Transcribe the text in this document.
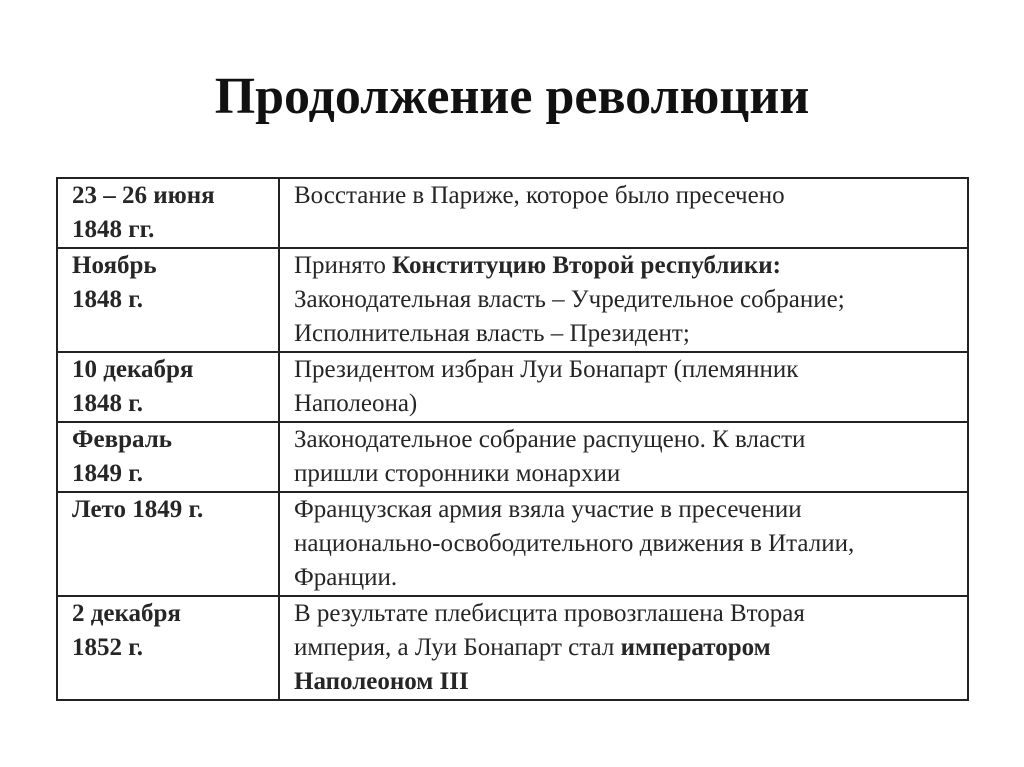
Продолжение революции
23 – 26 июня
1848 гг.	Восстание в Париже, которое было пресечено

Ноябрь
1848 г.	Принято Конституцию Второй республики:
Законодательная власть – Учредительное собрание;
Исполнительная власть – Президент;

10 декабря
1848 г.	Президентом избран Луи Бонапарт (племянник
Наполеона)

Февраль
1849 г.	Законодательное собрание распущено. К власти
пришли сторонники монархии

Лето 1849 г.	Французская армия взяла участие в пресечении
национально-освободительного движения в Италии,
Франции.

2 декабря
1852 г.	В результате плебисцита провозглашена Вторая
империя, а Луи Бонапарт стал императором
Наполеоном III
